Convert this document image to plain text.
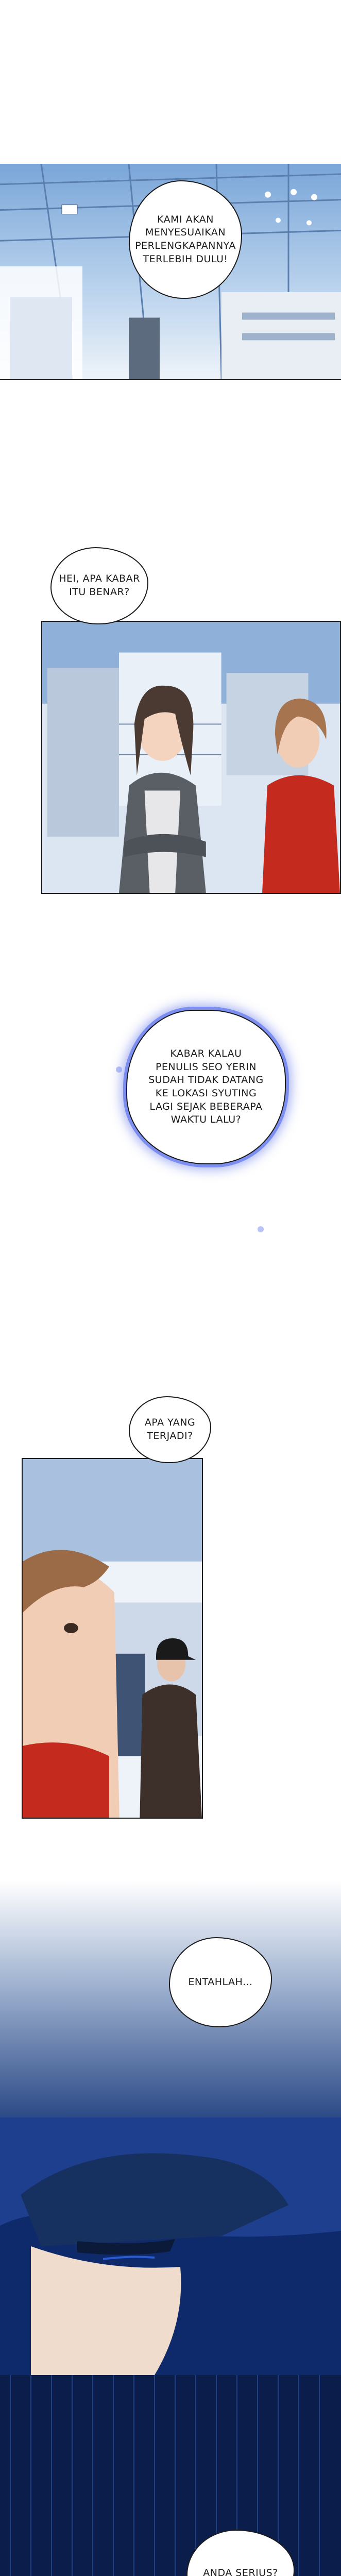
KAMI AKAN
MENYESUAIKAN
PERLENGKAPANNYA
TERLEBIH DULU!
HEI, APA KABAR
ITU BENAR?
KABAR KALAU
PENULIS SEO YERIN
SUDAH TIDAK DATANG
KE LOKASI SYUTING
LAGI SEJAK BEBERAPA
WAKTU LALU?
APA YANG
TERJADI?
ENTAHLAH...
ANDA SERIUS?
